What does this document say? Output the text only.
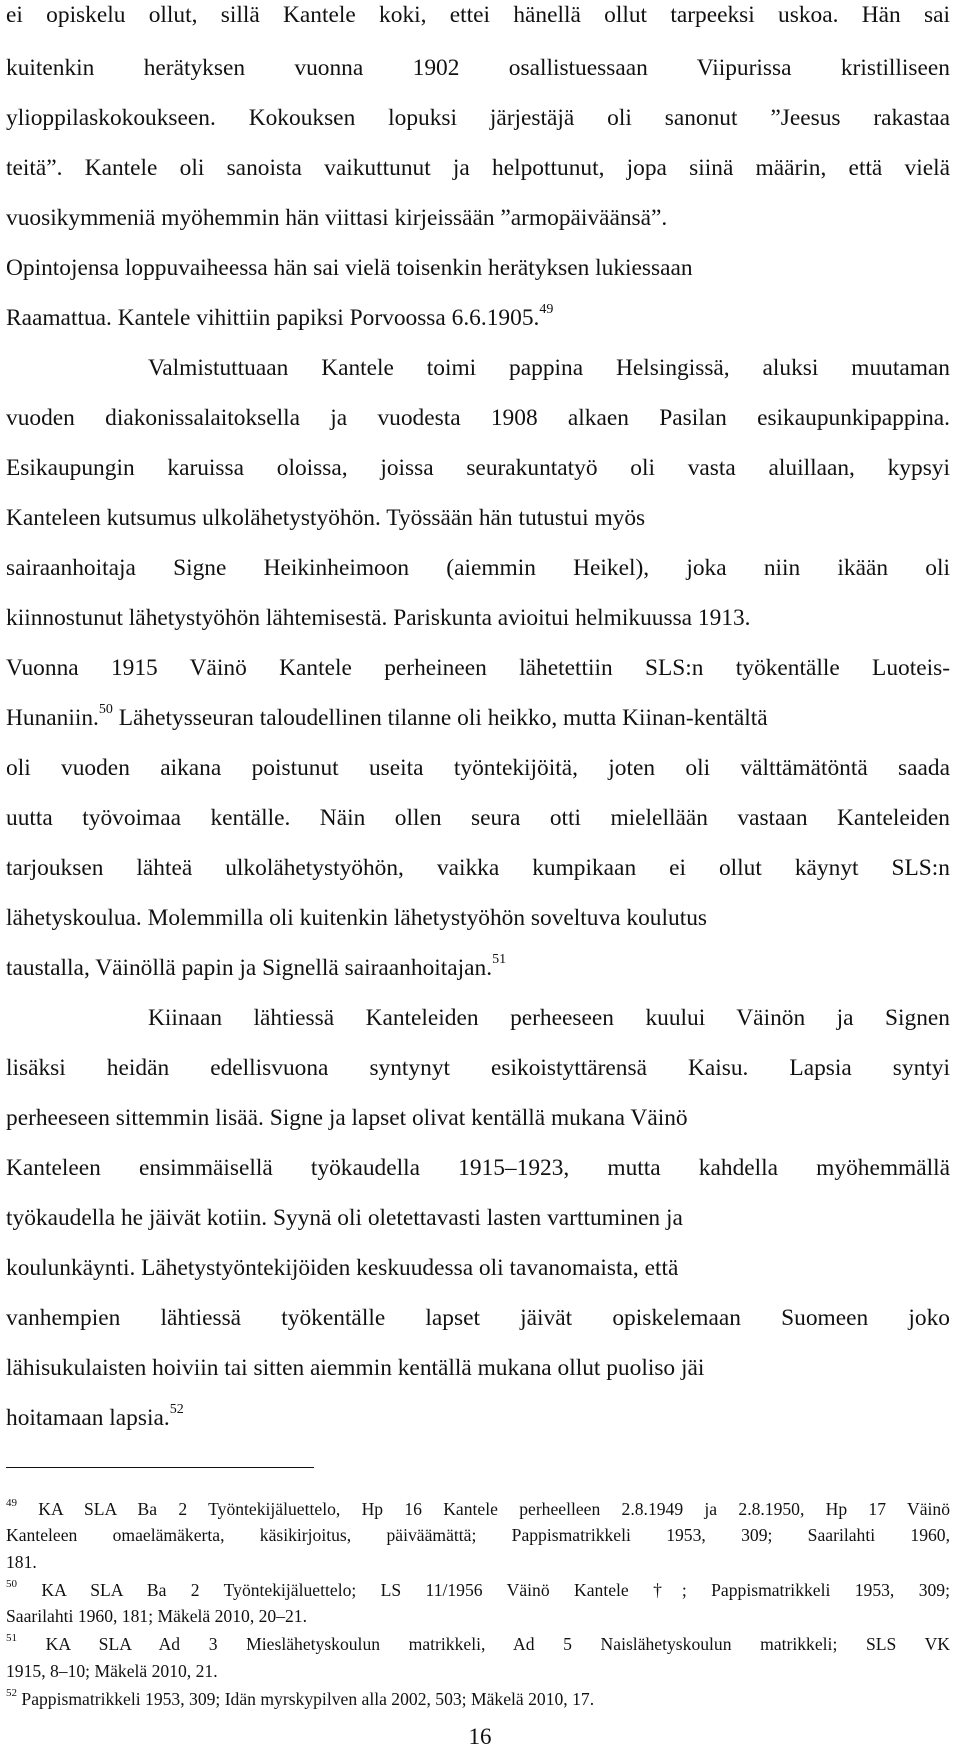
ei opiskelu ollut, sillä Kantele koki, ettei hänellä ollut tarpeeksi uskoa. Hän sai
kuitenkin herätyksen vuonna 1902 osallistuessaan Viipurissa kristilliseen
ylioppilaskokoukseen. Kokouksen lopuksi järjestäjä oli sanonut ”Jeesus rakastaa
teitä”. Kantele oli sanoista vaikuttunut ja helpottunut, jopa siinä määrin, että vielä
vuosikymmeniä myöhemmin hän viittasi kirjeissään ”armopäiväänsä”.
Opintojensa loppuvaiheessa hän sai vielä toisenkin herätyksen lukiessaan
Raamattua. Kantele vihittiin papiksi Porvoossa 6.6.1905.49
Valmistuttuaan Kantele toimi pappina Helsingissä, aluksi muutaman
vuoden diakonissalaitoksella ja vuodesta 1908 alkaen Pasilan esikaupunkipappina.
Esikaupungin karuissa oloissa, joissa seurakuntatyö oli vasta aluillaan, kypsyi
Kanteleen kutsumus ulkolähetystyöhön. Työssään hän tutustui myös
sairaanhoitaja Signe Heikinheimoon (aiemmin Heikel), joka niin ikään oli
kiinnostunut lähetystyöhön lähtemisestä. Pariskunta avioitui helmikuussa 1913.
Vuonna 1915 Väinö Kantele perheineen lähetettiin SLS:n työkentälle Luoteis-
Hunaniin.$^{50}$ Lähetysseuran taloudellinen tilanne oli heikko, mutta Kiinan-kentältä
oli vuoden aikana poistunut useita työntekijöitä, joten oli välttämätöntä saada
uutta työvoimaa kentälle. Näin ollen seura otti mielellään vastaan Kanteleiden
tarjouksen lähteä ulkolähetystyöhön, vaikka kumpikaan ei ollut käynyt SLS:n
lähetyskoulua. Molemmilla oli kuitenkin lähetystyöhön soveltuva koulutus
taustalla, Väinöllä papin ja Signellä sairaanhoitajan.$^{51}$
Kiinaan lähtiessä Kanteleiden perheeseen kuului Väinön ja Signen
lisäksi heidän edellisvuona syntynyt esikoistyttärensä Kaisu. Lapsia syntyi
perheeseen sittemmin lisää. Signe ja lapset olivat kentällä mukana Väinö
Kanteleen ensimmäisellä työkaudella 1915–1923, mutta kahdella myöhemmällä
työkaudella he jäivät kotiin. Syynä oli oletettavasti lasten varttuminen ja
koulunkäynti. Lähetystyöntekijöiden keskuudessa oli tavanomaista, että
vanhempien lähtiessä työkentälle lapset jäivät opiskelemaan Suomeen joko
lähisukulaisten hoiviin tai sitten aiemmin kentällä mukana ollut puoliso jäi
hoitamaan lapsia.$^{52}$
$^{49}$ KA SLA Ba 2 Työntekijäluettelo, Hp 16 Kantele perheelleen 2.8.1949 ja 2.8.1950, Hp 17 Väinö
Kanteleen omaelämäkerta, käsikirjoitus, päiväämättä; Pappismatrikkeli 1953, 309; Saarilahti 1960,
181.
$^{50}$ KA SLA Ba 2 Työntekijäluettelo; LS 11/1956 Väinö Kantele †; Pappismatrikkeli 1953, 309;
Saarilahti 1960, 181; Mäkelä 2010, 20–21.
$^{51}$ KA SLA Ad 3 Mieslähetyskoulun matrikkeli, Ad 5 Naislähetyskoulun matrikkeli; SLS VK
1915, 8–10; Mäkelä 2010, 21.
$^{52}$ Pappismatrikkeli 1953, 309; Idän myrskypilven alla 2002, 503; Mäkelä 2010, 17.
16
